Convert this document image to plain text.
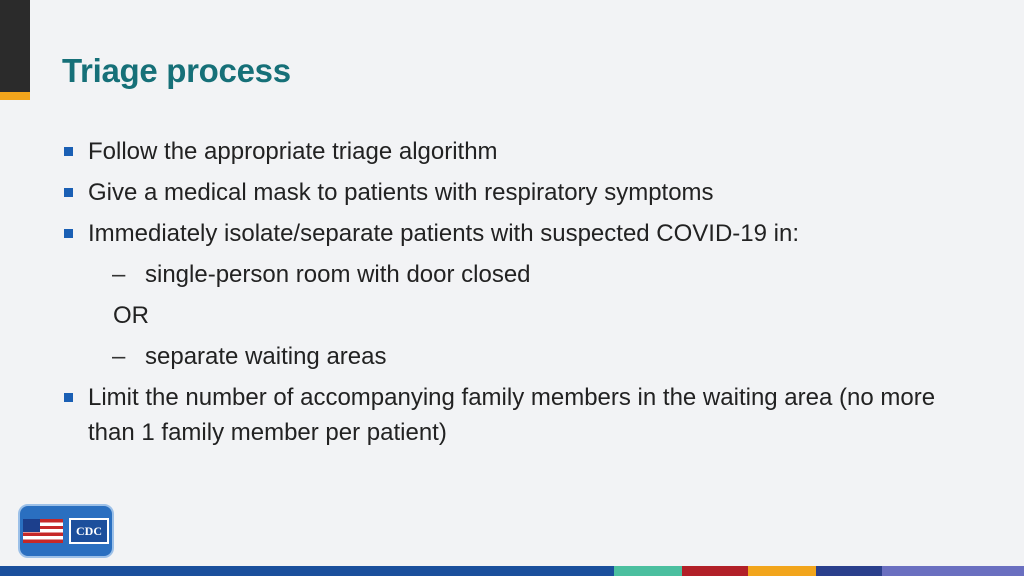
Triage process
Follow the appropriate triage algorithm
Give a medical mask to patients with respiratory symptoms
Immediately isolate/separate patients with suspected COVID-19 in:
– single-person room with door closed
OR
– separate waiting areas
Limit the number of accompanying family members in the waiting area (no more than 1 family member per patient)
CDC
